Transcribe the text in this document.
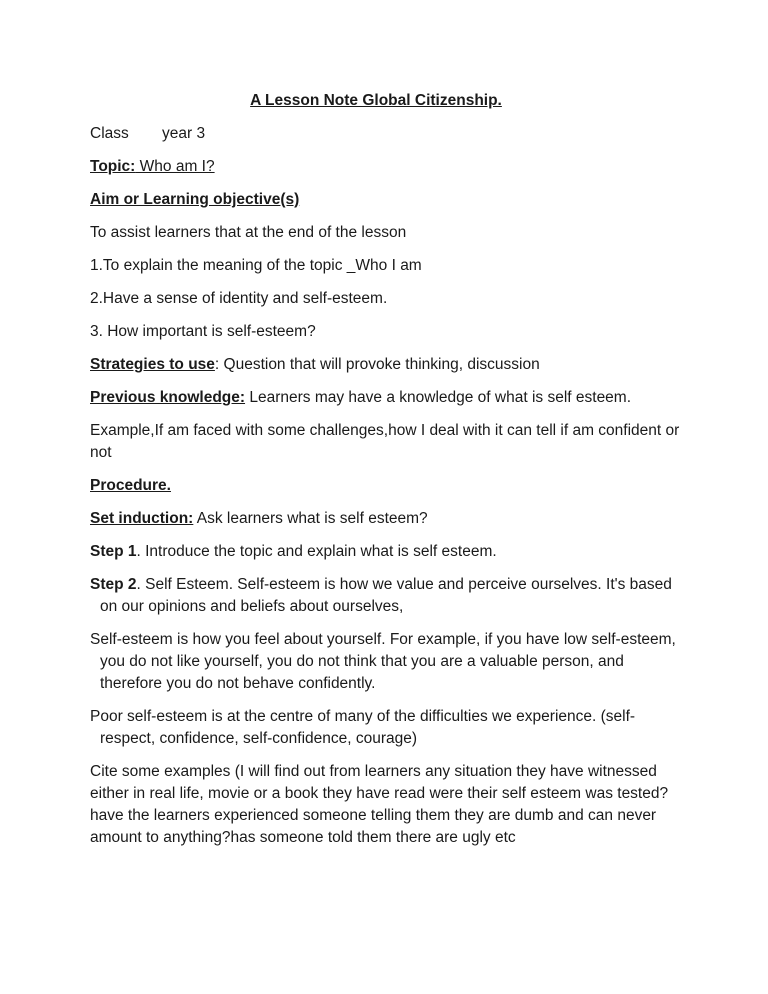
A Lesson Note Global Citizenship.

Class year 3

Topic: Who am I?

Aim or Learning objective(s)

To assist learners that at the end of the lesson

1.To explain the meaning of the topic _Who I am

2.Have a sense of identity and self-esteem.

3. How important is self-esteem?

Strategies to use: Question that will provoke thinking, discussion

Previous knowledge: Learners may have a knowledge of what is self esteem.

Example,If am faced with some challenges,how I deal with it can tell if am confident or not

Procedure.

Set induction: Ask learners what is self esteem?

Step 1. Introduce the topic and explain what is self esteem.

Step 2. Self Esteem. Self-esteem is how we value and perceive ourselves. It's based on our opinions and beliefs about ourselves,

Self-esteem is how you feel about yourself. For example, if you have low self-esteem, you do not like yourself, you do not think that you are a valuable person, and therefore you do not behave confidently.

Poor self-esteem is at the centre of many of the difficulties we experience. (self-respect, confidence, self-confidence, courage)

Cite some examples (I will find out from learners any situation they have witnessed either in real life, movie or a book they have read were their self esteem was tested?have the learners experienced someone telling them they are dumb and can never amount to anything?has someone told them there are ugly etc
